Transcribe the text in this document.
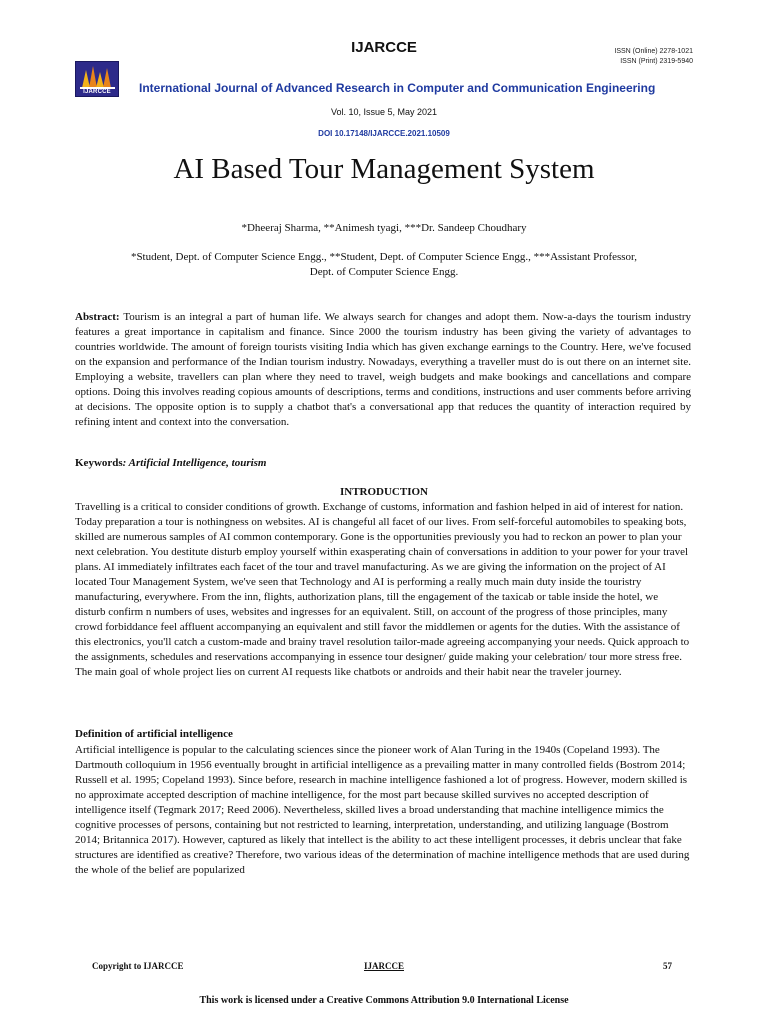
IJARCCE	ISSN (Online) 2278-1021
ISSN (Print) 2319-5940
IJARCCE	International Journal of Advanced Research in Computer and Communication Engineering
Vol. 10, Issue 5, May 2021
DOI 10.17148/IJARCCE.2021.10509
AI Based Tour Management System
*Dheeraj Sharma, **Animesh tyagi, ***Dr. Sandeep Choudhary
*Student, Dept. of Computer Science Engg., **Student, Dept. of Computer Science Engg., ***Assistant Professor,
Dept. of Computer Science Engg.
Abstract: Tourism is an integral a part of human life. We always search for changes and adopt them. Now-a-days the tourism industry features a great importance in capitalism and finance. Since 2000 the tourism industry has been giving the variety of advantages to countries worldwide. The amount of foreign tourists visiting India which has given exchange earnings to the Country. Here, we've focused on the expansion and performance of the Indian tourism industry. Nowadays, everything a traveller must do is out there on an internet site. Employing a website, travellers can plan where they need to travel, weigh budgets and make bookings and cancellations and compare options. Doing this involves reading copious amounts of descriptions, terms and conditions, instructions and user comments before arriving at decisions. The opposite option is to supply a chatbot that's a conversational app that reduces the quantity of interaction required by refining intent and context into the conversation.
Keywords: Artificial Intelligence, tourism
INTRODUCTION
Travelling is a critical to consider conditions of growth. Exchange of customs, information and fashion helped in aid of interest for nation. Today preparation a tour is nothingness on websites. AI is changeful all facet of our lives. From self-forceful automobiles to speaking bots, skilled are numerous samples of AI common contemporary. Gone is the opportunities previously you had to reckon an power to plan your next celebration. You destitute disturb employ yourself within exasperating chain of conversations in addition to your power for your travel plans. AI immediately infiltrates each facet of the tour and travel manufacturing. As we are giving the information on the project of AI located Tour Management System, we've seen that Technology and AI is performing a really much main duty inside the touristry manufacturing, everywhere. From the inn, flights, authorization plans, till the engagement of the taxicab or table inside the hotel, we disturb confirm n numbers of uses, websites and ingresses for an equivalent. Still, on account of the progress of those principles, many crowd forbiddance feel affluent accompanying an equivalent and still favor the middlemen or agents for the duties. With the assistance of this electronics, you'll catch a custom-made and brainy travel resolution tailor-made agreeing accompanying your needs. Quick approach to the assignments, schedules and reservations accompanying in essence tour designer/ guide making your celebration/ tour more stress free. The main goal of whole project lies on current AI requests like chatbots or androids and their habit near the traveler journey.
Definition of artificial intelligence
Artificial intelligence is popular to the calculating sciences since the pioneer work of Alan Turing in the 1940s (Copeland 1993). The Dartmouth colloquium in 1956 eventually brought in artificial intelligence as a prevailing matter in many controlled fields (Bostrom 2014; Russell et al. 1995; Copeland 1993). Since before, research in machine intelligence fashioned a lot of progress. However, modern skilled is no approximate accepted description of machine intelligence, for the most part because skilled survives no accepted description of intelligence itself (Tegmark 2017; Reed 2006). Nevertheless, skilled lives a broad understanding that machine intelligence mimics the cognitive processes of persons, containing but not restricted to learning, interpretation, understanding, and utilizing language (Bostrom 2014; Britannica 2017). However, captured as likely that intellect is the ability to act these intelligent processes, it debris unclear that fake structures are identified as creative? Therefore, two various ideas of the determination of machine intelligence methods that are used during the whole of the belief are popularized
Copyright to IJARCCE	IJARCCE	57
This work is licensed under a Creative Commons Attribution 9.0 International License
